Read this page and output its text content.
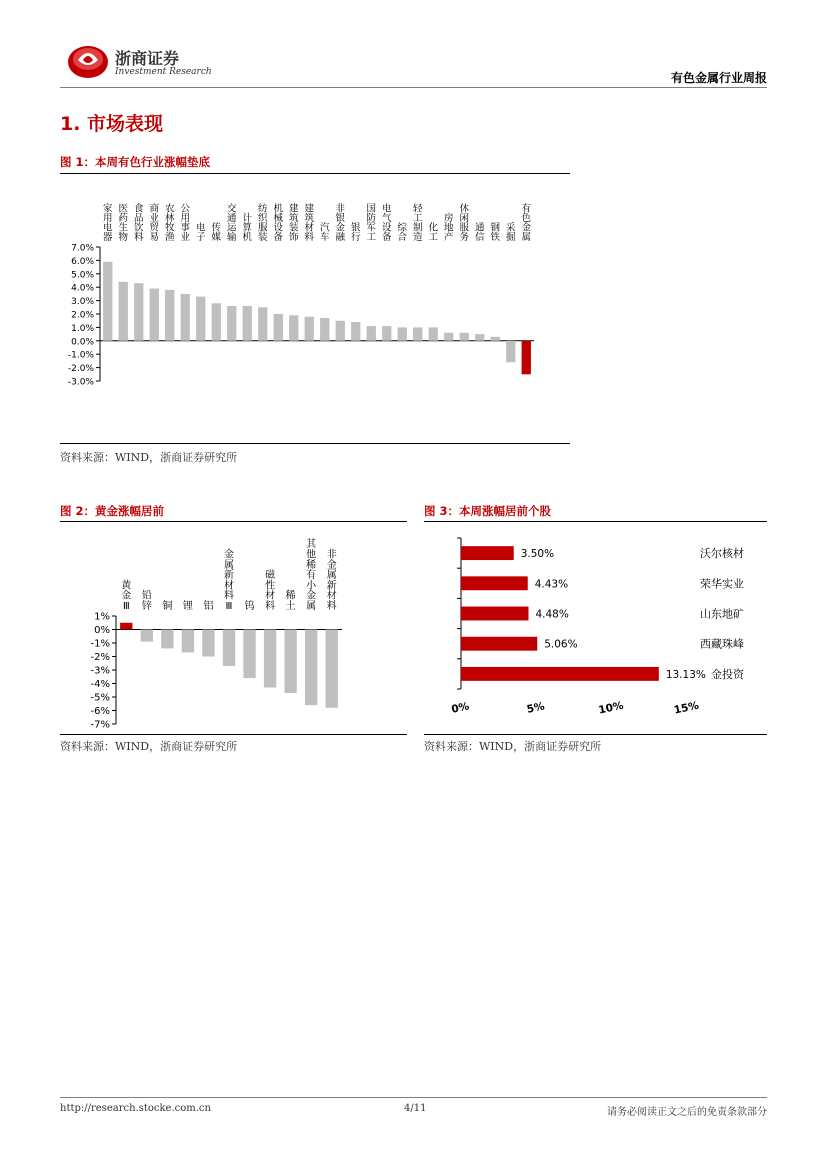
浙商证券
Investment Research	有色金属行业周报
1. 市场表现
图 1：本周有色行业涨幅垫底
7.0%
6.0%
5.0%
4.0%
3.0%
2.0%
1.0%
0.0%
-1.0%
-2.0%
-3.0%
家用电器
医药生物
食品饮料
商业贸易
农林牧渔
公用事业
电子
传媒
交通运输
计算机
纺织服装
机械设备
建筑装饰
建筑材料
汽车
非银金融
银行
国防军工
电气设备
综合
轻工制造
化工
房地产
休闲服务
通信
钢铁
采掘
有色金属
资料来源：WIND，浙商证券研究所
图 2：黄金涨幅居前
1%
0%
-1%
-2%
-3%
-4%
-5%
-6%
-7%
黄金 Ⅲ
铅锌 铜 锂 铝
金属新材料 Ⅲ 钨
磁性材料
稀土
其他稀有小金属
非金属新材料
资料来源：WIND，浙商证券研究所
图 3：本周涨幅居前个股
0%	5%	10%	15%
3.50%	沃尔核材
4.43%	荣华实业
4.48%	山东地矿
5.06%	西藏珠峰
13.13% 金投资
资料来源：WIND，浙商证券研究所
http://research.stocke.com.cn	4/11	请务必阅读正文之后的免责条款部分
